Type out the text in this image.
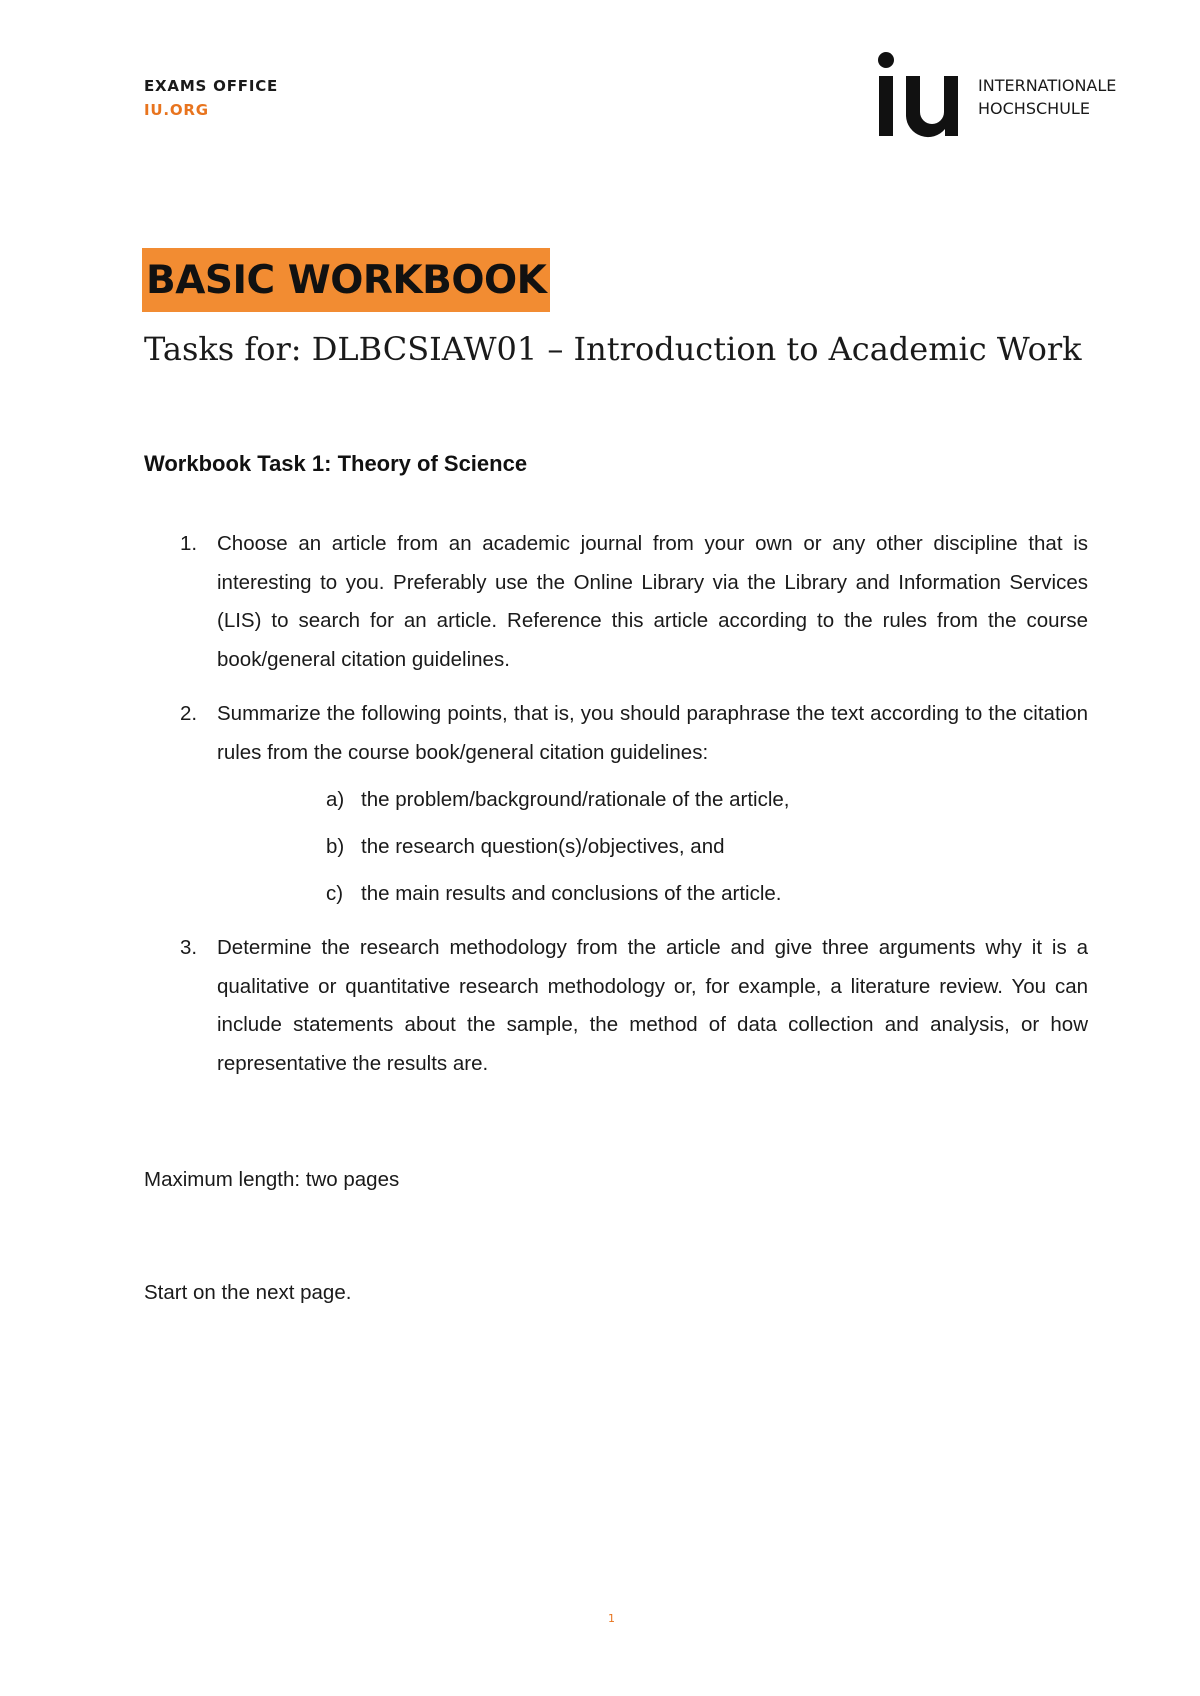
EXAMS OFFICE
IU.ORG
INTERNATIONALE
HOCHSCHULE
BASIC WORKBOOK
Tasks for: DLBCSIAW01 – Introduction to Academic Work
Workbook Task 1: Theory of Science
1. Choose an article from an academic journal from your own or any other discipline that is interesting to you. Preferably use the Online Library via the Library and Information Services (LIS) to search for an article. Reference this article according to the rules from the course book/general citation guidelines.
2. Summarize the following points, that is, you should paraphrase the text according to the citation rules from the course book/general citation guidelines:
a) the problem/background/rationale of the article,
b) the research question(s)/objectives, and
c) the main results and conclusions of the article.
3. Determine the research methodology from the article and give three arguments why it is a qualitative or quantitative research methodology or, for example, a literature review. You can include statements about the sample, the method of data collection and analysis, or how representative the results are.
Maximum length: two pages
Start on the next page.
1
